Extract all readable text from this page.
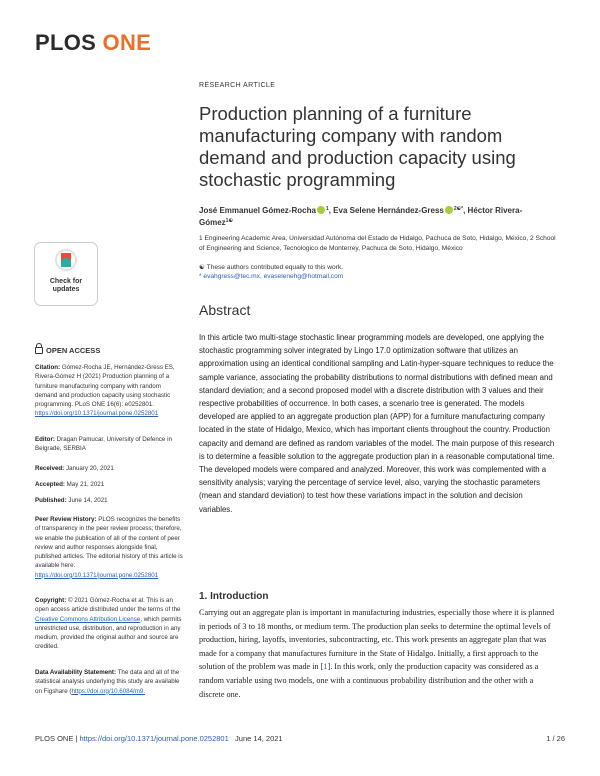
PLOS ONE
RESEARCH ARTICLE
Production planning of a furniture manufacturing company with random demand and production capacity using stochastic programming
José Emmanuel Gómez-Rocha $^1$, Eva Selene Hernández-Gress $^{2☯*}$, Héctor Rivera-Gómez$^{1☯}$
1 Engineering Academic Area, Universidad Autónoma del Estado de Hidalgo, Pachuca de Soto, Hidalgo, México, 2 School of Engineering and Science, Tecnologico de Monterrey, Pachuca de Soto, Hidalgo, México
☯ These authors contributed equally to this work.
* evahgress@tec.mx, evaselenehg@hotmail.com
Check for
updates
Abstract

In this article two multi-stage stochastic linear programming models are developed, one applying the stochastic programming solver integrated by Lingo 17.0 optimization software that utilizes an approximation using an identical conditional sampling and Latin-hyper-square techniques to reduce the sample variance, associating the probability distributions to normal distributions with defined mean and standard deviation; and a second proposed model with a discrete distribution with 3 values and their respective probabilities of occurrence. In both cases, a scenario tree is generated. The models developed are applied to an aggregate production plan (APP) for a furniture manufacturing company located in the state of Hidalgo, Mexico, which has important clients throughout the country. Production capacity and demand are defined as random variables of the model. The main purpose of this research is to determine a feasible solution to the aggregate production plan in a reasonable computational time. The developed models were compared and analyzed. Moreover, this work was complemented with a sensitivity analysis; varying the percentage of service level, also, varying the stochastic parameters (mean and standard deviation) to test how these variations impact in the solution and decision variables.

OPEN ACCESS
Citation: Gómez-Rocha JE, Hernández-Gress ES, Rivera-Gómez H (2021) Production planning of a furniture manufacturing company with random demand and production capacity using stochastic programming. PLoS ONE 16(6): e0252801. https://doi.org/10.1371/journal.pone.0252801
Editor: Dragan Pamucar, University of Defence in Belgrade, SERBIA
Received: January 20, 2021
Accepted: May 21, 2021
Published: June 14, 2021
Peer Review History: PLOS recognizes the benefits of transparency in the peer review process; therefore, we enable the publication of all of the content of peer review and author responses alongside final, published articles. The editorial history of this article is available here: https://doi.org/10.1371/journal.pone.0252801
Copyright: © 2021 Gómez-Rocha et al. This is an open access article distributed under the terms of the Creative Commons Attribution License, which permits unrestricted use, distribution, and reproduction in any medium, provided the original author and source are credited.
Data Availability Statement: The data and all of the statistical analysis underlying this study are available on Figshare (https://doi.org/10.6084/m9.
1. Introduction

Carrying out an aggregate plan is important in manufacturing industries, especially those where it is planned in periods of 3 to 18 months, or medium term. The production plan seeks to determine the optimal levels of production, hiring, layoffs, inventories, subcontracting, etc. This work presents an aggregate plan that was made for a company that manufactures furniture in the State of Hidalgo. Initially, a first approach to the solution of the problem was made in [1]. In this work, only the production capacity was considered as a random variable using two models, one with a continuous probability distribution and the other with a discrete one.

PLOS ONE | https://doi.org/10.1371/journal.pone.0252801 June 14, 2021	1 / 26
